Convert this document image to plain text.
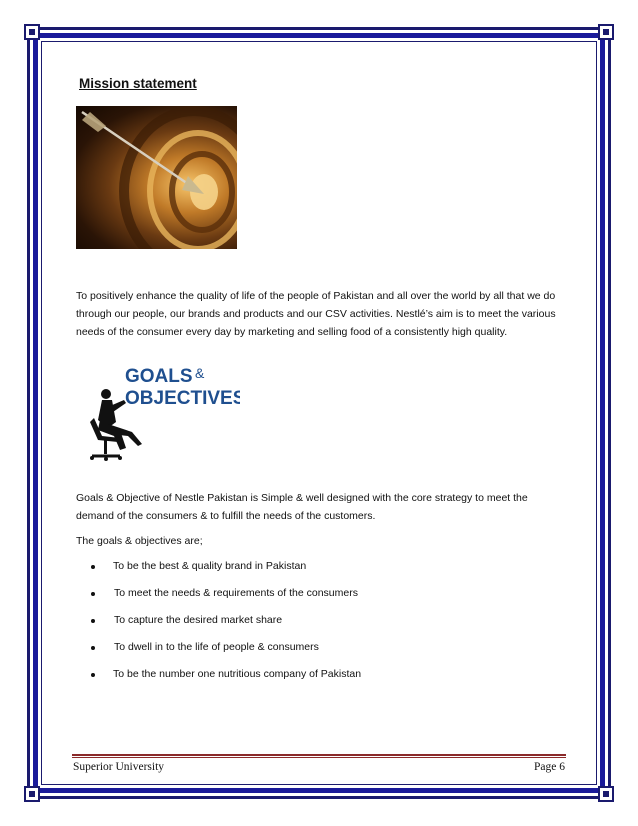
Mission statement

To positively enhance the quality of life of the people of Pakistan and all over the world by all that we do through our people, our brands and products and our CSV activities. Nestlé’s aim is to meet the various needs of the consumer every day by marketing and selling food of a consistently high quality.

GOALS &
OBJECTIVES

Goals & Objective of Nestle Pakistan is Simple & well designed with the core strategy to meet the demand of the consumers & to fulfill the needs of the customers.

The goals & objectives are;

To be the best & quality brand in Pakistan
To meet the needs & requirements of the consumers
To capture the desired market share
To dwell in to the life of people & consumers
To be the number one nutritious company of Pakistan
Superior University	Page 6
